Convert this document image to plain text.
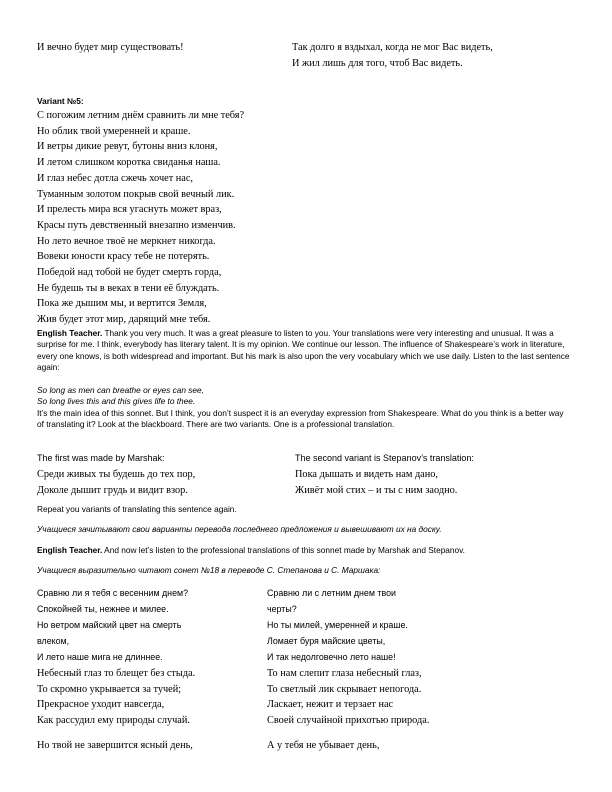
И вечно будет мир существовать!	Так долго я вздыхал, когда не мог Вас видеть,
И жил лишь для того, чтоб Вас видеть.
Variant №5:
С погожим летним днём сравнить ли мне тебя?
Но облик твой умеренней и краше.
И ветры дикие ревут, бутоны вниз клоня,
И летом слишком коротка свиданья наша.
И глаз небес дотла сжечь хочет нас,
Туманным золотом покрыв свой вечный лик.
И прелесть мира вся угаснуть может враз,
Красы путь девственный внезапно изменчив.
Но лето вечное твоё не меркнет никогда.
Вовеки юности красу тебе не потерять.
Победой над тобой не будет смерть горда,
Не будешь ты в веках в тени её блуждать.
Пока же дышим мы, и вертится Земля,
Жив будет этот мир, дарящий мне тебя.
English Teacher. Thank you very much. It was a great pleasure to listen to you. Your translations were very interesting and unusual. It was a surprise for me. I think, everybody has literary talent. It is my opinion. We continue our lesson. The influence of Shakespeare’s work in literature, every one knows, is both widespread and important. But his mark is also upon the very vocabulary which we use daily. Listen to the last sentence again:
So long as men can breathe or eyes can see,
So long lives this and this gives life to thee.
It’s the main idea of this sonnet. But I think, you don’t suspect it is an everyday expression from Shakespeare. What do you think is a better way of translating it? Look at the blackboard. There are two variants. One is a professional translation.
The first was made by Marshak:
Среди живых ты будешь до тех пор,
Доколе дышит грудь и видит взор.
The second variant is Stepanov’s translation:
Пока дышать и видеть нам дано,
Живёт мой стих – и ты с ним заодно.
Repeat you variants of translating this sentence again.
Учащиеся зачитывают свои варианты перевода последнего предложения и вывешивают их на доску.
English Teacher. And now let’s listen to the professional translations of this sonnet made by Marshak and Stepanov.
Учащиеся выразительно читают сонет №18 в переводе С. Степанова и С. Маршака:
Сравню ли я тебя с весенним днем?
Спокойней ты, нежнее и милее.
Но ветром майский цвет на смерть
влеком,
И лето наше мига не длиннее.
Небесный глаз то блещет без стыда.
То скромно укрывается за тучей;
Прекрасное уходит навсегда,
Как рассудил ему природы случай.
Но твой не завершится ясный день,
Сравню ли с летним днем твои
черты?
Но ты милей, умеренней и краше.
Ломает буря майские цветы,
И так недолговечно лето наше!
То нам слепит глаза небесный глаз,
То светлый лик скрывает непогода.
Ласкает, нежит и терзает нас
Своей случайной прихотью природа.
А у тебя не убывает день,
